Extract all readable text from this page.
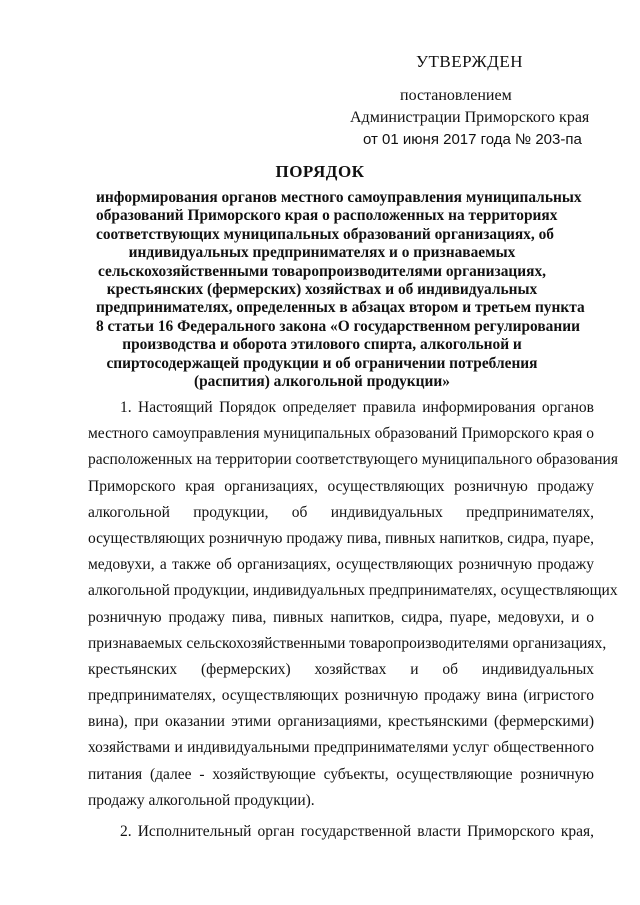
УТВЕРЖДЕН
постановлением
Администрации Приморского края
от 01 июня 2017 года № 203-па
ПОРЯДОК
информирования органов местного самоуправления муниципальных
образований Приморского края о расположенных на территориях
соответствующих муниципальных образований организациях, об
индивидуальных предпринимателях и о признаваемых
сельскохозяйственными товаропроизводителями организациях,
крестьянских (фермерских) хозяйствах и об индивидуальных
предпринимателях, определенных в абзацах втором и третьем пункта
8 статьи 16 Федерального закона «О государственном регулировании
производства и оборота этилового спирта, алкогольной и
спиртосодержащей продукции и об ограничении потребления
(распития) алкогольной продукции»
1. Настоящий Порядок определяет правила информирования органов
местного самоуправления муниципальных образований Приморского края о
расположенных на территории соответствующего муниципального образования
Приморского края организациях, осуществляющих розничную продажу
алкогольной продукции, об индивидуальных предпринимателях,
осуществляющих розничную продажу пива, пивных напитков, сидра, пуаре,
медовухи, а также об организациях, осуществляющих розничную продажу
алкогольной продукции, индивидуальных предпринимателях, осуществляющих
розничную продажу пива, пивных напитков, сидра, пуаре, медовухи, и о
признаваемых сельскохозяйственными товаропроизводителями организациях,
крестьянских (фермерских) хозяйствах и об индивидуальных
предпринимателях, осуществляющих розничную продажу вина (игристого
вина), при оказании этими организациями, крестьянскими (фермерскими)
хозяйствами и индивидуальными предпринимателями услуг общественного
питания (далее - хозяйствующие субъекты, осуществляющие розничную
продажу алкогольной продукции).
2. Исполнительный орган государственной власти Приморского края,
